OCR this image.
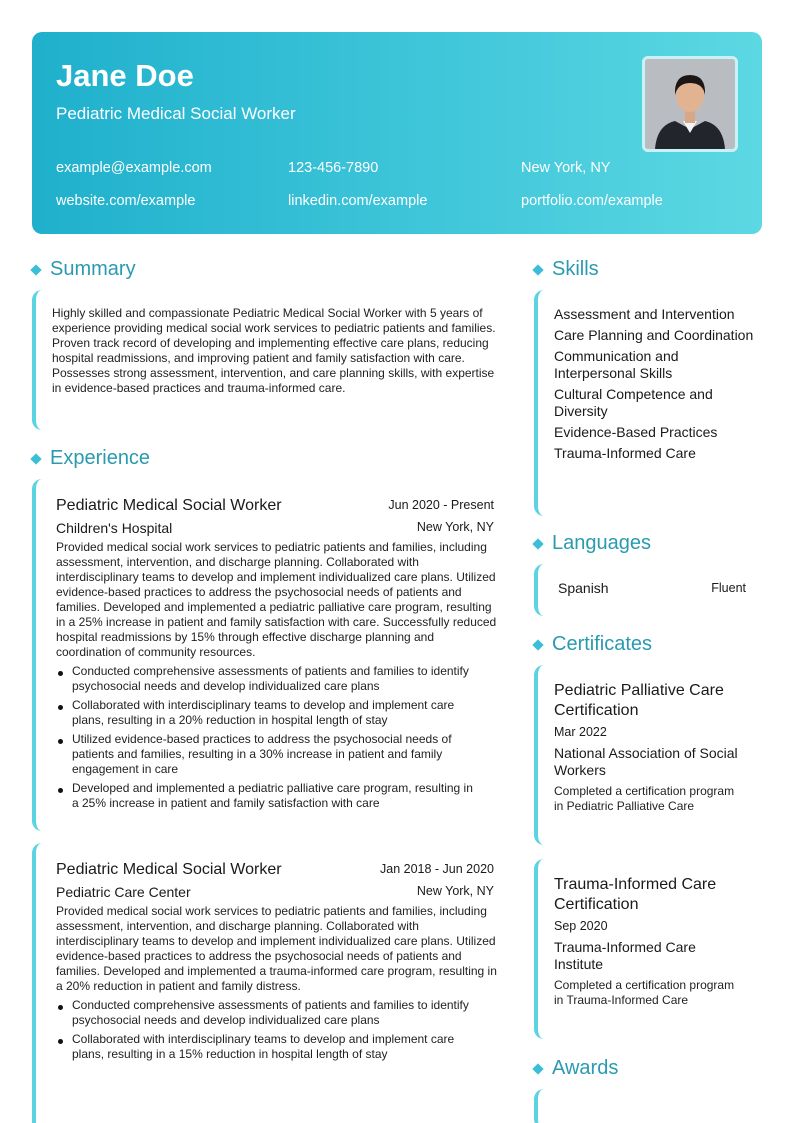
Jane Doe
Pediatric Medical Social Worker
example@example.com	123-456-7890	New York, NY
website.com/example	linkedin.com/example	portfolio.com/example
Summary

Highly skilled and compassionate Pediatric Medical Social Worker with 5 years of experience providing medical social work services to pediatric patients and families. Proven track record of developing and implementing effective care plans, reducing hospital readmissions, and improving patient and family satisfaction with care. Possesses strong assessment, intervention, and care planning skills, with expertise in evidence-based practices and trauma-informed care.

Experience
Pediatric Medical Social Worker	Jun 2020 - Present
Children's Hospital	New York, NY

Provided medical social work services to pediatric patients and families, including assessment, intervention, and discharge planning. Collaborated with interdisciplinary teams to develop and implement individualized care plans. Utilized evidence-based practices to address the psychosocial needs of patients and families. Developed and implemented a pediatric palliative care program, resulting in a 25% increase in patient and family satisfaction with care. Successfully reduced hospital readmissions by 15% through effective discharge planning and coordination of community resources.

Conducted comprehensive assessments of patients and families to identify psychosocial needs and develop individualized care plans
Collaborated with interdisciplinary teams to develop and implement care plans, resulting in a 20% reduction in hospital length of stay
Utilized evidence-based practices to address the psychosocial needs of patients and families, resulting in a 30% increase in patient and family engagement in care
Developed and implemented a pediatric palliative care program, resulting in a 25% increase in patient and family satisfaction with care
Pediatric Medical Social Worker	Jan 2018 - Jun 2020
Pediatric Care Center	New York, NY

Provided medical social work services to pediatric patients and families, including assessment, intervention, and discharge planning. Collaborated with interdisciplinary teams to develop and implement individualized care plans. Utilized evidence-based practices to address the psychosocial needs of patients and families. Developed and implemented a trauma-informed care program, resulting in a 20% reduction in patient and family distress.

Conducted comprehensive assessments of patients and families to identify psychosocial needs and develop individualized care plans
Collaborated with interdisciplinary teams to develop and implement care plans, resulting in a 15% reduction in hospital length of stay
Skills
Assessment and Intervention
Care Planning and Coordination
Communication and Interpersonal Skills
Cultural Competence and Diversity
Evidence-Based Practices
Trauma-Informed Care
Languages
Spanish	Fluent
Certificates
Pediatric Palliative Care Certification
Mar 2022
National Association of Social Workers
Completed a certification program in Pediatric Palliative Care
Trauma-Informed Care Certification
Sep 2020
Trauma-Informed Care Institute
Completed a certification program in Trauma-Informed Care
Awards
